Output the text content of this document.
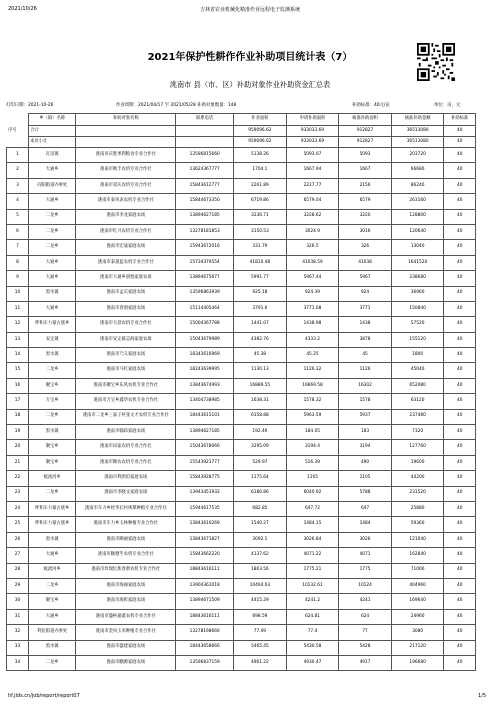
2021/10/26	吉林省农业机械化精准作业远程电子监测系统
2021年保护性耕作作业补助项目统计表（7）
洮南市 县（市、区）补助对象作业补助资金汇总表
打印日期：2021-10-26	作业周期：2021/04/17 至 2021/05/28 补助对象数量：148	补助标准：40元/亩	单位：亩、元
	乡（镇）名称	补助对象名称	联系电话	作业面积	申请补助面积	核准补助面积	核准补助金额	补助标准
	合计			959096.62	933033.69	912827	36513080	40
	本页小计			959096.62	933033.69	912827	36513080	40
1	瓦房镇	洮南市庆胜果利粮食专业合作社	13596815660	5138.26	5093.07	5093	203720	40
2	大通乡	洮南市勋丰农机专业合作社	13624367777	1704.1	1667.94	1667	66680	40
3	向阳街道办事处	洮南市双庆农机专业合作社	15843612777	2261.89	2227.77	2156	86240	40
4	大通乡	洮南市泰风表农机专业合作社	15844673350	6719.86	6579.04	6579	263160	40
5	二龙乡	洮南市李龙家庭农场	13894627185	3236.71	3228.62	3220	128800	40
6	二龙乡	洮南市红兴农机专业合作社	13278181853	3150.53	3024.9	3016	120640	40
7	二龙乡	洮南市宏晟家庭农场	15943672016	331.79	326.5	326	13040	40
8	大通乡	洮南市泰晟蓝农机专业合作社	15734379554	41810.48	41038.59	41038	1641520	40
9	大通乡	洮南市大通乡晨旭家庭农场	13894675677	5991.77	5967.44	5967	238680	40
10	黑水镇	洮南市孟庆家庭农场	13596863939	925.18	924.39	924	36960	40
11	大通乡	洮南市春朋家庭农场	15114405464	3791.6	3771.08	3771	150840	40
12	呼和车力蒙古族乡	洮南市大彩农机专业合作社	15004367788	1441.07	1438.98	1438	57520	40
13	安定镇	洮南市安定镇志海家庭农场	15043679989	4382.76	4333.2	3878	155120	40
14	黑水镇	洮南市乃义家庭农场	18343616969	45.38	45.25	45	1800	40
15	二龙乡	洮南市马红家庭农场	18243639995	1130.13	1126.32	1126	45040	40
16	聚宝乡	洮南市聚宝乡东风农机专业合作社	13843674993	16889.55	16669.58	16302	652080	40
17	万宝乡	洮南市万宝乡鑫华农机专业合作社	13404738985	1638.31	1578.32	1578	63120	40
18	二龙乡	洮南市二龙乡三家子村张文才农机专业合作社	18443615101	6158.88	5963.59	5937	237480	40
19	黑水镇	洮南市翰昂家庭农场	13894627185	192.49	184.05	183	7320	40
20	聚宝乡	洮南市田家农机专业合作社	15043678066	3295.09	3194.4	3194	127760	40
21	聚宝乡	洮南市顺农农机专业合作社	15543921777	529.97	516.39	490	19600	40
22	蛟流河乡	洮南市利鸿伯家庭农场	15843928775	1175.64	1105	1105	44200	40
23	二龙乡	洮南市李晓文家庭农场	13943451932	6180.86	6040.92	5788	231520	40
24	呼和车力蒙古族乡	洮南市车力乡经华长村规摹种植专业合作社	15944617535	682.85	647.72	647	25880	40
25	呼和车力蒙古族乡	洮南市车力乡玉林种植专业合作社	13843610269	1540.27	1484.15	1484	59360	40
26	黑水镇	洮南市顺丽家庭农场	13843671827	3092.1	3026.84	3026	121040	40
27	大通乡	洮南市顺德乎农机专业合作社	15843662220	4137.62	4071.22	4071	162840	40
28	蛟流河乡	洮南市玫瑞忆新春新农机专业合作社	18843616111	1803.56	1775.21	1775	71000	40
29	二龙乡	洮南市海丽家庭农场	13904361018	10464.03	10132.61	10124	404960	40
30	聚宝乡	洮南市海彰家庭农场	13894671509	4415.29	4241.2	4241	169640	40
31	大通乡	洮南市盛柯嘉鑫农机专业合作社	18843616111	698.59	624.81	624	24960	40
32	利民街道办事处	洮南市金凤玉米种植专业合作社	13278198666	77.49	77.4	77	3080	40
33	黑水镇	洮南市盛建家庭农场	18443658666	5465.45	5430.58	5428	217120	40
34	二龙乡	洮南市鹏源家庭农场	13596837159	4961.22	4930.47	4917	196680	40
序号
hf.jlds.cn/job/report/report07	1/5
